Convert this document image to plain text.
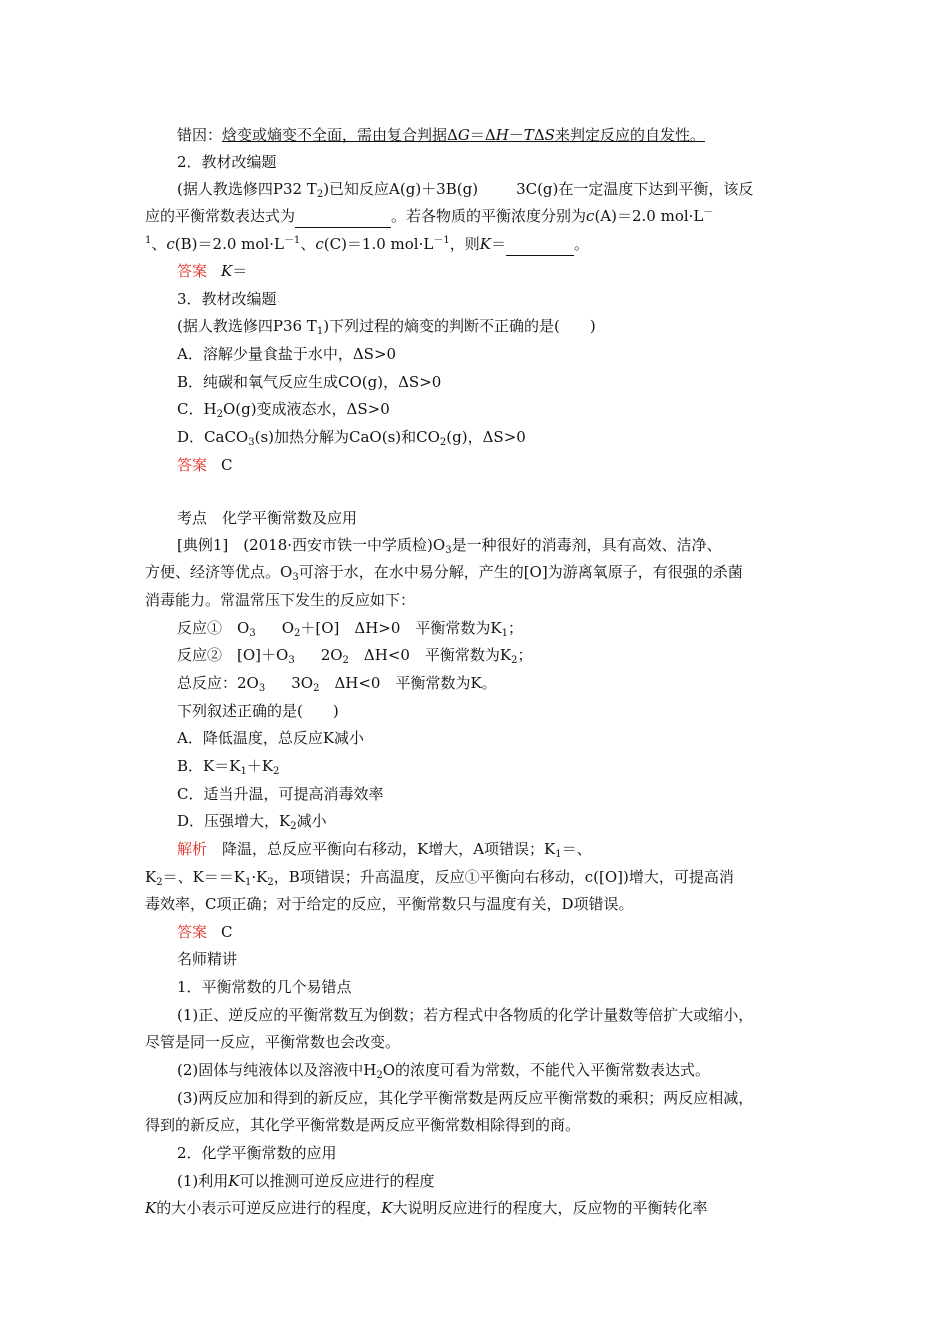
错因：焓变或熵变不全面，需由复合判据ΔG＝ΔH－TΔS来判定反应的自发性。
2．教材改编题
(据人教选修四P32 $T_2$)已知反应A(g)＋3B(g)	3C(g)在一定温度下达到平衡，该反
应的平衡常数表达式为	。若各物质的平衡浓度分别为c(A)＝2.0 mol·L－
$^1$、c(B)＝2.0 $mol\cdot L^{-1}$、c(C)＝1.0 $mol\cdot L^{-1}$，则K＝	。
答案 K＝
3．教材改编题
(据人教选修四P36 $T_1$)下列过程的熵变的判断不正确的是(　　)
A．溶解少量食盐于水中，ΔS>0
B．纯碳和氧气反应生成CO(g)，ΔS>0
C．$H_2O(g)$变成液态水，ΔS>0
D．CaCO$_3$(s)加热分解为CaO(s)和$CO_2(g)$，ΔS>0
答案 C
考点　化学平衡常数及应用
[典例1]　(2018·西安市铁一中学质检)$O_3$是一种很好的消毒剂，具有高效、洁净、
方便、经济等优点。$O_3$可溶于水，在水中易分解，产生的[O]为游离氧原子，有很强的杀菌
消毒能力。常温常压下发生的反应如下：
反应①　$O_3$ $O_2+[O]$　ΔH>0　平衡常数为$K_1$；
反应②　$[O]+O_3$ $2O_2$　ΔH<0　平衡常数为$K_2$；
总反应：$2O_3$ $3O_2$　ΔH<0　平衡常数为K。
下列叙述正确的是(　　)
A．降低温度，总反应K减小
B．$K=K_1+K_2$
C．适当升温，可提高消毒效率
D．压强增大，$K_2$减小
解析　降温，总反应平衡向右移动，K增大，A项错误；$K_1=$、
$K_2=$、$K==K_1\cdot K_2$，B项错误；升高温度，反应①平衡向右移动，c([O])增大，可提高消
毒效率，C项正确；对于给定的反应，平衡常数只与温度有关，D项错误。
答案 C
名师精讲
1．平衡常数的几个易错点
(1)正、逆反应的平衡常数互为倒数；若方程式中各物质的化学计量数等倍扩大或缩小，
尽管是同一反应，平衡常数也会改变。
(2)固体与纯液体以及溶液中$H_2O$的浓度可看为常数，不能代入平衡常数表达式。
(3)两反应加和得到的新反应，其化学平衡常数是两反应平衡常数的乘积；两反应相减，
得到的新反应，其化学平衡常数是两反应平衡常数相除得到的商。
2．化学平衡常数的应用
(1)利用K可以推测可逆反应进行的程度
K的大小表示可逆反应进行的程度，K大说明反应进行的程度大，反应物的平衡转化率
